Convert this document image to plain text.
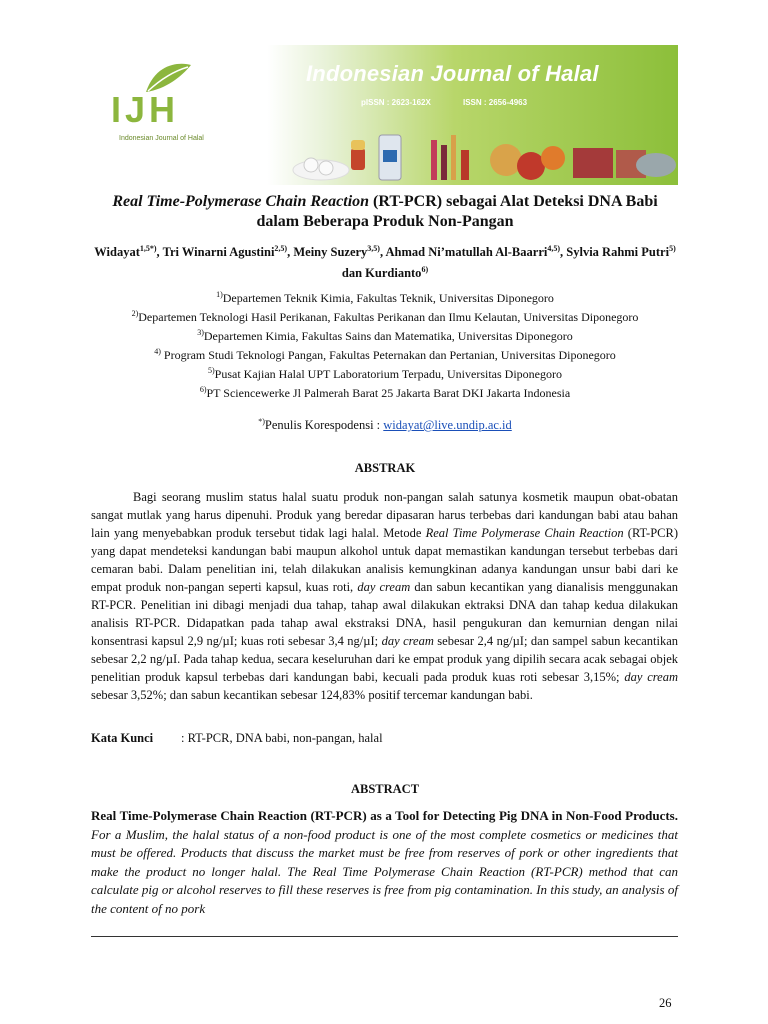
IJH
Indonesian Journal of Halal
Indonesian Journal of Halal
pISSN : 2623-162X	ISSN : 2656-4963
Real Time-Polymerase Chain Reaction (RT-PCR) sebagai Alat Deteksi DNA Babi dalam Beberapa Produk Non-Pangan
Widayat$^{1,5*)}$, Tri Winarni Agustini$^{2,5)}$, Meiny Suzery$^{3,5)}$, Ahmad Ni’matullah Al-Baarri$^{4,5)}$, Sylvia Rahmi Putri$^{5)}$ dan Kurdianto$^{6)}$
$^{1)}$Departemen Teknik Kimia, Fakultas Teknik, Universitas Diponegoro
$^{2)}$Departemen Teknologi Hasil Perikanan, Fakultas Perikanan dan Ilmu Kelautan, Universitas Diponegoro
$^{3)}$Departemen Kimia, Fakultas Sains dan Matematika, Universitas Diponegoro
$^{4)}$ Program Studi Teknologi Pangan, Fakultas Peternakan dan Pertanian, Universitas Diponegoro
$^{5)}$Pusat Kajian Halal UPT Laboratorium Terpadu, Universitas Diponegoro
$^{6)}$PT Sciencewerke Jl Palmerah Barat 25 Jakarta Barat DKI Jakarta Indonesia
*)Penulis Korespodensi : widayat@live.undip.ac.id
ABSTRAK

Bagi seorang muslim status halal suatu produk non-pangan salah satunya kosmetik maupun obat-obatan sangat mutlak yang harus dipenuhi. Produk yang beredar dipasaran harus terbebas dari kandungan babi atau bahan lain yang menyebabkan produk tersebut tidak lagi halal. Metode Real Time Polymerase Chain Reaction (RT-PCR) yang dapat mendeteksi kandungan babi maupun alkohol untuk dapat memastikan kandungan tersebut terbebas dari cemaran babi. Dalam penelitian ini, telah dilakukan analisis kemungkinan adanya kandungan unsur babi dari ke empat produk non-pangan seperti kapsul, kuas roti, day cream dan sabun kecantikan yang dianalisis menggunakan RT-PCR. Penelitian ini dibagi menjadi dua tahap, tahap awal dilakukan ektraksi DNA dan tahap kedua dilakukan analisis RT-PCR. Didapatkan pada tahap awal ekstraksi DNA, hasil pengukuran dan kemurnian dengan nilai konsentrasi kapsul 2,9 ng/µI; kuas roti sebesar 3,4 ng/µI; day cream sebesar 2,4 ng/µI; dan sampel sabun kecantikan sebesar 2,2 ng/µI. Pada tahap kedua, secara keseluruhan dari ke empat produk yang dipilih secara acak sebagai objek penelitian produk kapsul terbebas dari kandungan babi, kecuali pada produk kuas roti sebesar 3,15%; day cream sebesar 3,52%; dan sabun kecantikan sebesar 124,83% positif tercemar kandungan babi.

Kata Kunci : RT-PCR, DNA babi, non-pangan, halal
ABSTRACT
Real Time-Polymerase Chain Reaction (RT-PCR) as a Tool for Detecting Pig DNA in Non-Food Products. For a Muslim, the halal status of a non-food product is one of the most complete cosmetics or medicines that must be offered. Products that discuss the market must be free from reserves of pork or other ingredients that make the product no longer halal. The Real Time Polymerase Chain Reaction (RT-PCR) method that can calculate pig or alcohol reserves to fill these reserves is free from pig contamination. In this study, an analysis of the content of no pork
26
